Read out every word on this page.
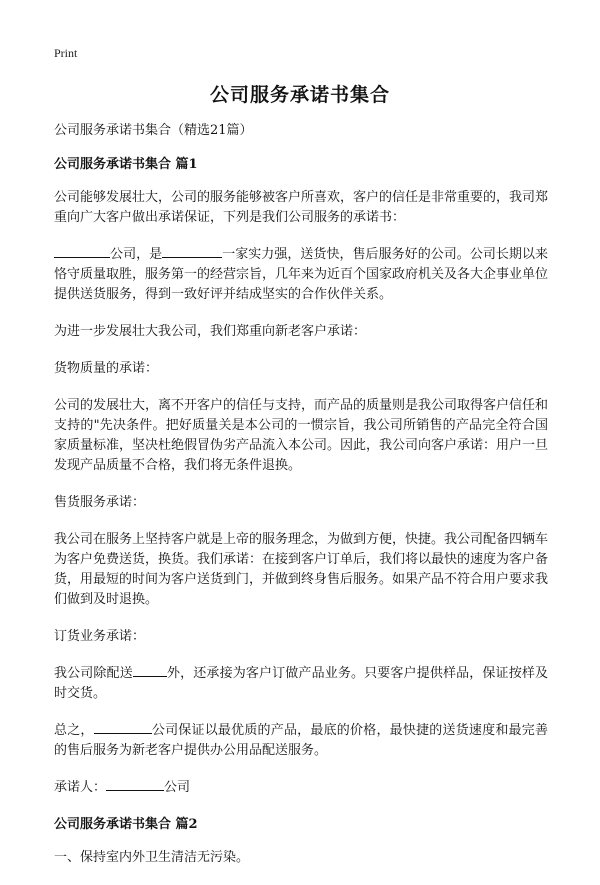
Print
公司服务承诺书集合
公司服务承诺书集合（精选21篇）
公司服务承诺书集合 篇1
公司能够发展壮大，公司的服务能够被客户所喜欢，客户的信任是非常重要的，我司郑重向广大客户做出承诺保证，下列是我们公司服务的承诺书：
公司，是	一家实力强，送货快，售后服务好的公司。公司长期以来恪守质量取胜，服务第一的经营宗旨，几年来为近百个国家政府机关及各大企事业单位提供送货服务，得到一致好评并结成坚实的合作伙伴关系。
为进一步发展壮大我公司，我们郑重向新老客户承诺：
货物质量的承诺：
公司的发展壮大，离不开客户的信任与支持，而产品的质量则是我公司取得客户信任和支持的"先决条件。把好质量关是本公司的一惯宗旨，我公司所销售的产品完全符合国家质量标准，坚决杜绝假冒伪劣产品流入本公司。因此，我公司向客户承诺：用户一旦发现产品质量不合格，我们将无条件退换。
售货服务承诺：
我公司在服务上坚持客户就是上帝的服务理念，为做到方便，快捷。我公司配备四辆车为客户免费送货，换货。我们承诺：在接到客户订单后，我们将以最快的速度为客户备货，用最短的时间为客户送货到门，并做到终身售后服务。如果产品不符合用户要求我们做到及时退换。
订货业务承诺：
我公司除配送	外，还承接为客户订做产品业务。只要客户提供样品，保证按样及时交货。
总之，	公司保证以最优质的产品，最底的价格，最快捷的送货速度和最完善的售后服务为新老客户提供办公用品配送服务。
承诺人：	公司
公司服务承诺书集合 篇2
一、保持室内外卫生清洁无污染。
